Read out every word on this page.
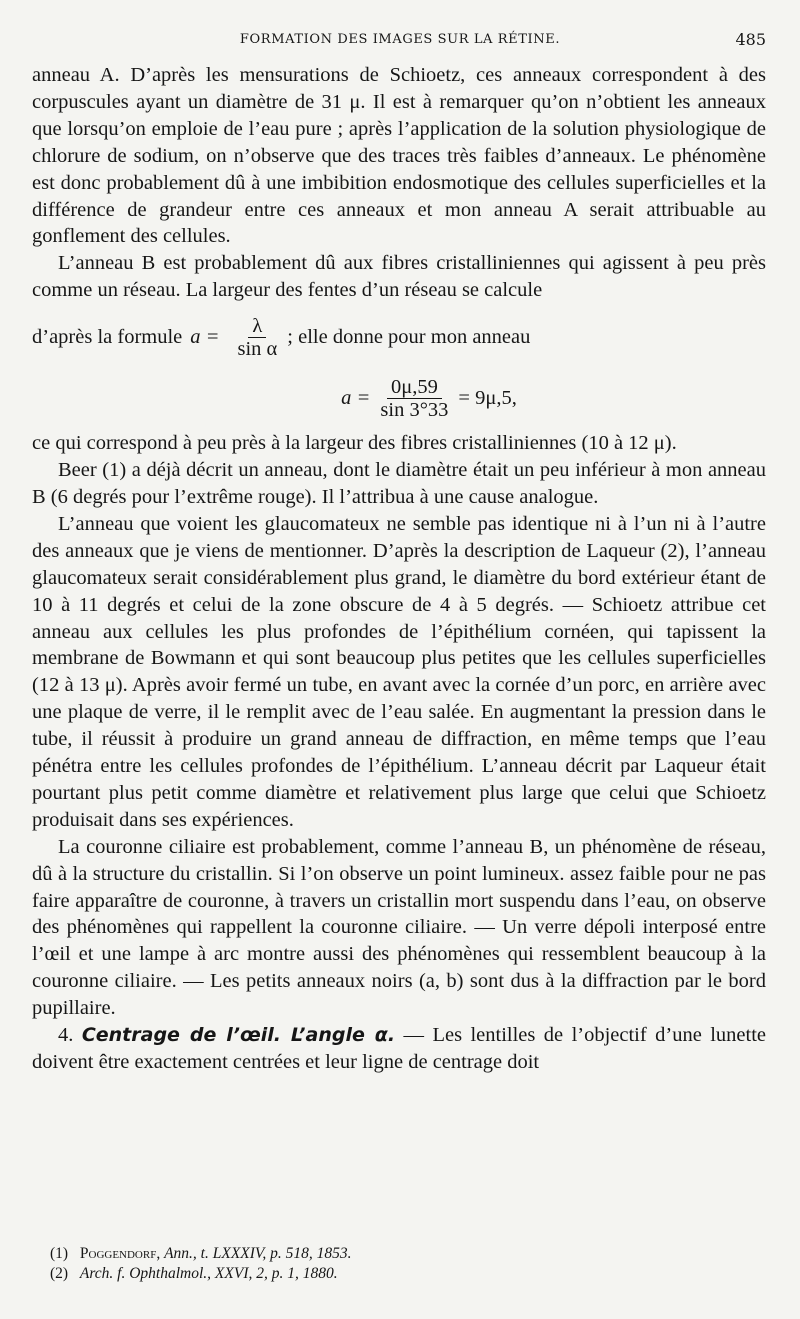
FORMATION DES IMAGES SUR LA RÉTINE.	485

anneau A. D’après les mensurations de Schioetz, ces anneaux correspondent à des corpuscules ayant un diamètre de 31 μ. Il est à remarquer qu’on n’obtient les anneaux que lorsqu’on emploie de l’eau pure ; après l’application de la solution physiologique de chlorure de sodium, on n’observe que des traces très faibles d’anneaux. Le phénomène est donc probablement dû à une imbibition endosmotique des cellules superficielles et la différence de grandeur entre ces anneaux et mon anneau A serait attribuable au gonflement des cellules.

L’anneau B est probablement dû aux fibres cristalliniennes qui agissent à peu près comme un réseau. La largeur des fentes d’un réseau se calcule

d’après la formule $a = \frac{\lambda}{\text{sin α}}$ ; elle donne pour mon anneau
$a = \frac{0\mu,59}{\sin 3^\circ 33} = 9\mu,5$,

ce qui correspond à peu près à la largeur des fibres cristalliniennes (10 à 12 μ).

Beer (1) a déjà décrit un anneau, dont le diamètre était un peu inférieur à mon anneau B (6 degrés pour l’extrême rouge). Il l’attribua à une cause analogue.

L’anneau que voient les glaucomateux ne semble pas identique ni à l’un ni à l’autre des anneaux que je viens de mentionner. D’après la description de Laqueur (2), l’anneau glaucomateux serait considérablement plus grand, le diamètre du bord extérieur étant de 10 à 11 degrés et celui de la zone obscure de 4 à 5 degrés. — Schioetz attribue cet anneau aux cellules les plus profondes de l’épithélium cornéen, qui tapissent la membrane de Bowmann et qui sont beaucoup plus petites que les cellules superficielles (12 à 13 μ). Après avoir fermé un tube, en avant avec la cornée d’un porc, en arrière avec une plaque de verre, il le remplit avec de l’eau salée. En augmentant la pression dans le tube, il réussit à produire un grand anneau de diffraction, en même temps que l’eau pénétra entre les cellules profondes de l’épithélium. L’anneau décrit par Laqueur était pourtant plus petit comme diamètre et relativement plus large que celui que Schioetz produisait dans ses expériences.

La couronne ciliaire est probablement, comme l’anneau B, un phénomène de réseau, dû à la structure du cristallin. Si l’on observe un point lumineux. assez faible pour ne pas faire apparaître de couronne, à travers un cristallin mort suspendu dans l’eau, on observe des phénomènes qui rappellent la couronne ciliaire. — Un verre dépoli interposé entre l’œil et une lampe à arc montre aussi des phénomènes qui ressemblent beaucoup à la couronne ciliaire. — Les petits anneaux noirs (a, b) sont dus à la diffraction par le bord pupillaire.

4. Centrage de l’œil. L’angle α. — Les lentilles de l’objectif d’une lunette doivent être exactement centrées et leur ligne de centrage doit

(1) Poggendorf, Ann., t. LXXXIV, p. 518, 1853.
(2) Arch. f. Ophthalmol., XXVI, 2, p. 1, 1880.
